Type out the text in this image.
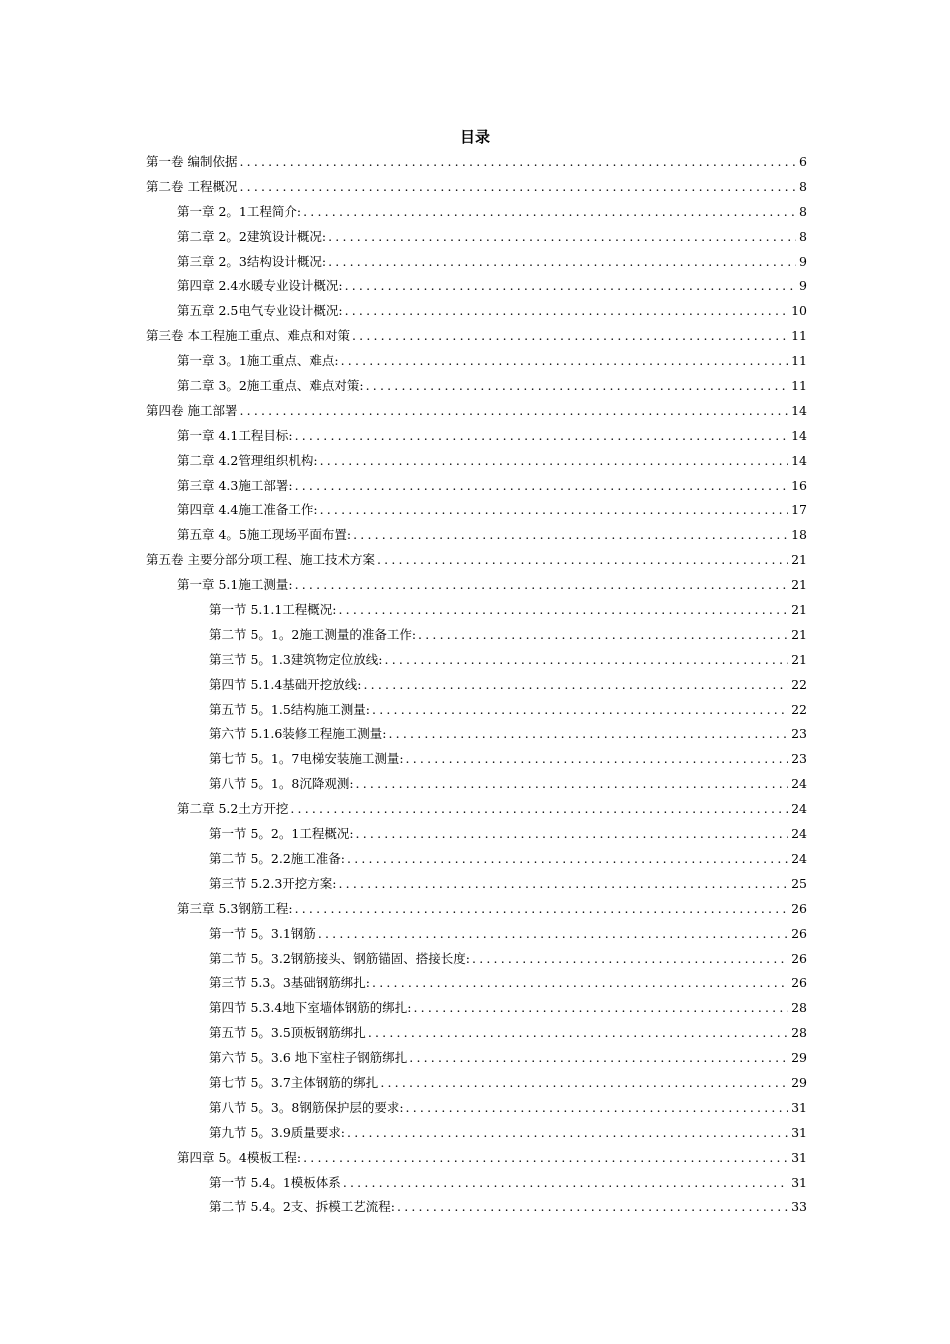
目录
第一卷 编制依据 .....	6
第二卷 工程概况 .....	8
第一章 2。1工程简介: .....	8
第二章 2。2建筑设计概况: .....	8
第三章 2。3结构设计概况: .....	9
第四章 2.4水暖专业设计概况: .....	9
第五章 2.5电气专业设计概况: .....	10
第三卷 本工程施工重点、难点和对策 .....	11
第一章 3。1施工重点、难点: .....	11
第二章 3。2施工重点、难点对策: .....	11
第四卷 施工部署 .....	14
第一章 4.1工程目标: .....	14
第二章 4.2管理组织机构: .....	14
第三章 4.3施工部署: .....	16
第四章 4.4施工准备工作: .....	17
第五章 4。5施工现场平面布置: .....	18
第五卷 主要分部分项工程、施工技术方案 .....	21
第一章 5.1施工测量: .....	21
第一节 5.1.1工程概况: .....	21
第二节 5。1。2施工测量的准备工作: .....	21
第三节 5。1.3建筑物定位放线: .....	21
第四节 5.1.4基础开挖放线: .....	22
第五节 5。1.5结构施工测量: .....	22
第六节 5.1.6装修工程施工测量: .....	23
第七节 5。1。7电梯安装施工测量: .....	23
第八节 5。1。8沉降观测: .....	24
第二章 5.2土方开挖 .....	24
第一节 5。2。1工程概况: .....	24
第二节 5。2.2施工准备: .....	24
第三节 5.2.3开挖方案: .....	25
第三章 5.3钢筋工程: .....	26
第一节 5。3.1钢筋 .....	26
第二节 5。3.2钢筋接头、钢筋锚固、搭接长度: .....	26
第三节 5.3。3基础钢筋绑扎: .....	26
第四节 5.3.4地下室墙体钢筋的绑扎: .....	28
第五节 5。3.5顶板钢筋绑扎 .....	28
第六节 5。3.6 地下室柱子钢筋绑扎 .....	29
第七节 5。3.7主体钢筋的绑扎 .....	29
第八节 5。3。8钢筋保护层的要求: .....	31
第九节 5。3.9质量要求: .....	31
第四章 5。4模板工程: .....	31
第一节 5.4。1模板体系 .....	31
第二节 5.4。2支、拆模工艺流程: .....	33
